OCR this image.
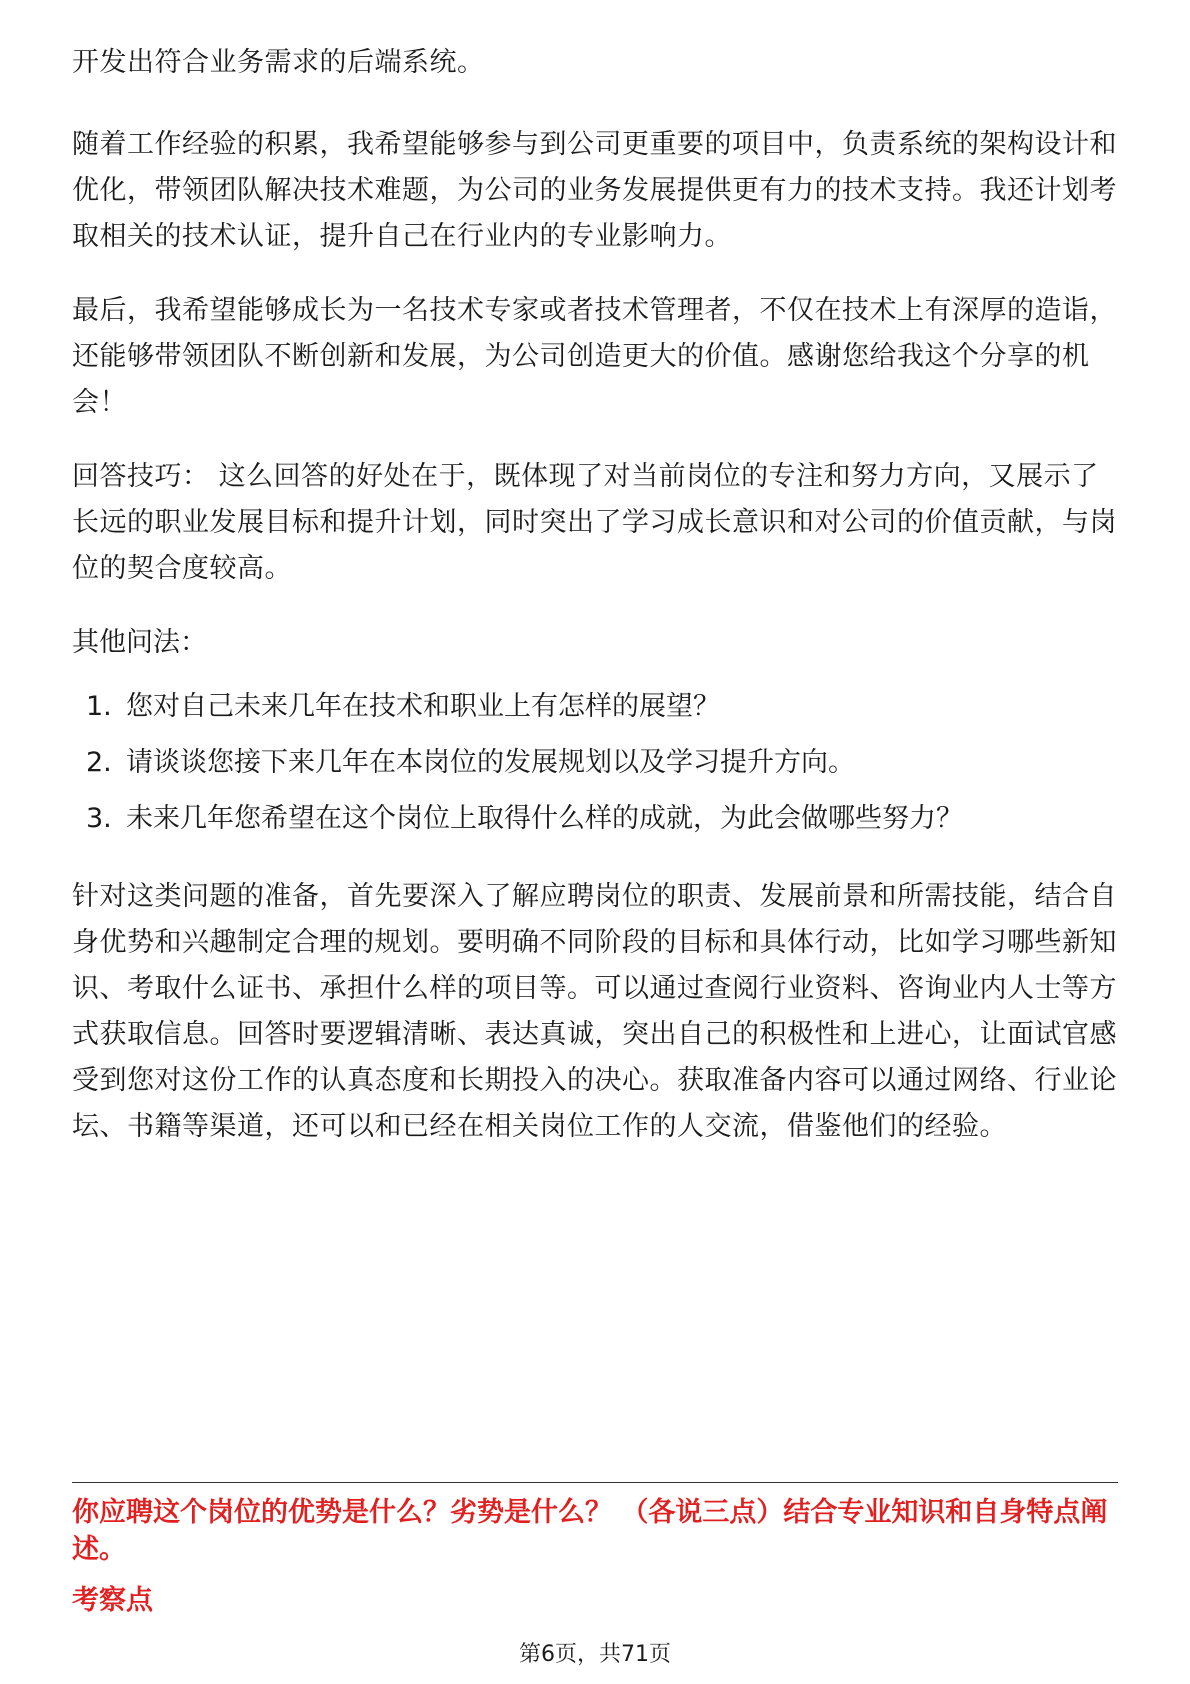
开发出符合业务需求的后端系统。

随着工作经验的积累，我希望能够参与到公司更重要的项目中，负责系统的架构设计和优化，带领团队解决技术难题，为公司的业务发展提供更有力的技术支持。我还计划考取相关的技术认证，提升自己在行业内的专业影响力。

最后，我希望能够成长为一名技术专家或者技术管理者，不仅在技术上有深厚的造诣，还能够带领团队不断创新和发展，为公司创造更大的价值。感谢您给我这个分享的机会！

回答技巧： 这么回答的好处在于，既体现了对当前岗位的专注和努力方向，又展示了长远的职业发展目标和提升计划，同时突出了学习成长意识和对公司的价值贡献，与岗位的契合度较高。

其他问法：

1. 您对自己未来几年在技术和职业上有怎样的展望？
2. 请谈谈您接下来几年在本岗位的发展规划以及学习提升方向。
3. 未来几年您希望在这个岗位上取得什么样的成就，为此会做哪些努力？

针对这类问题的准备，首先要深入了解应聘岗位的职责、发展前景和所需技能，结合自身优势和兴趣制定合理的规划。要明确不同阶段的目标和具体行动，比如学习哪些新知识、考取什么证书、承担什么样的项目等。可以通过查阅行业资料、咨询业内人士等方式获取信息。回答时要逻辑清晰、表达真诚，突出自己的积极性和上进心，让面试官感受到您对这份工作的认真态度和长期投入的决心。获取准备内容可以通过网络、行业论坛、书籍等渠道，还可以和已经在相关岗位工作的人交流，借鉴他们的经验。

你应聘这个岗位的优势是什么？劣势是什么？ （各说三点）结合专业知识和自身特点阐述。

考察点

第6页，共71页
